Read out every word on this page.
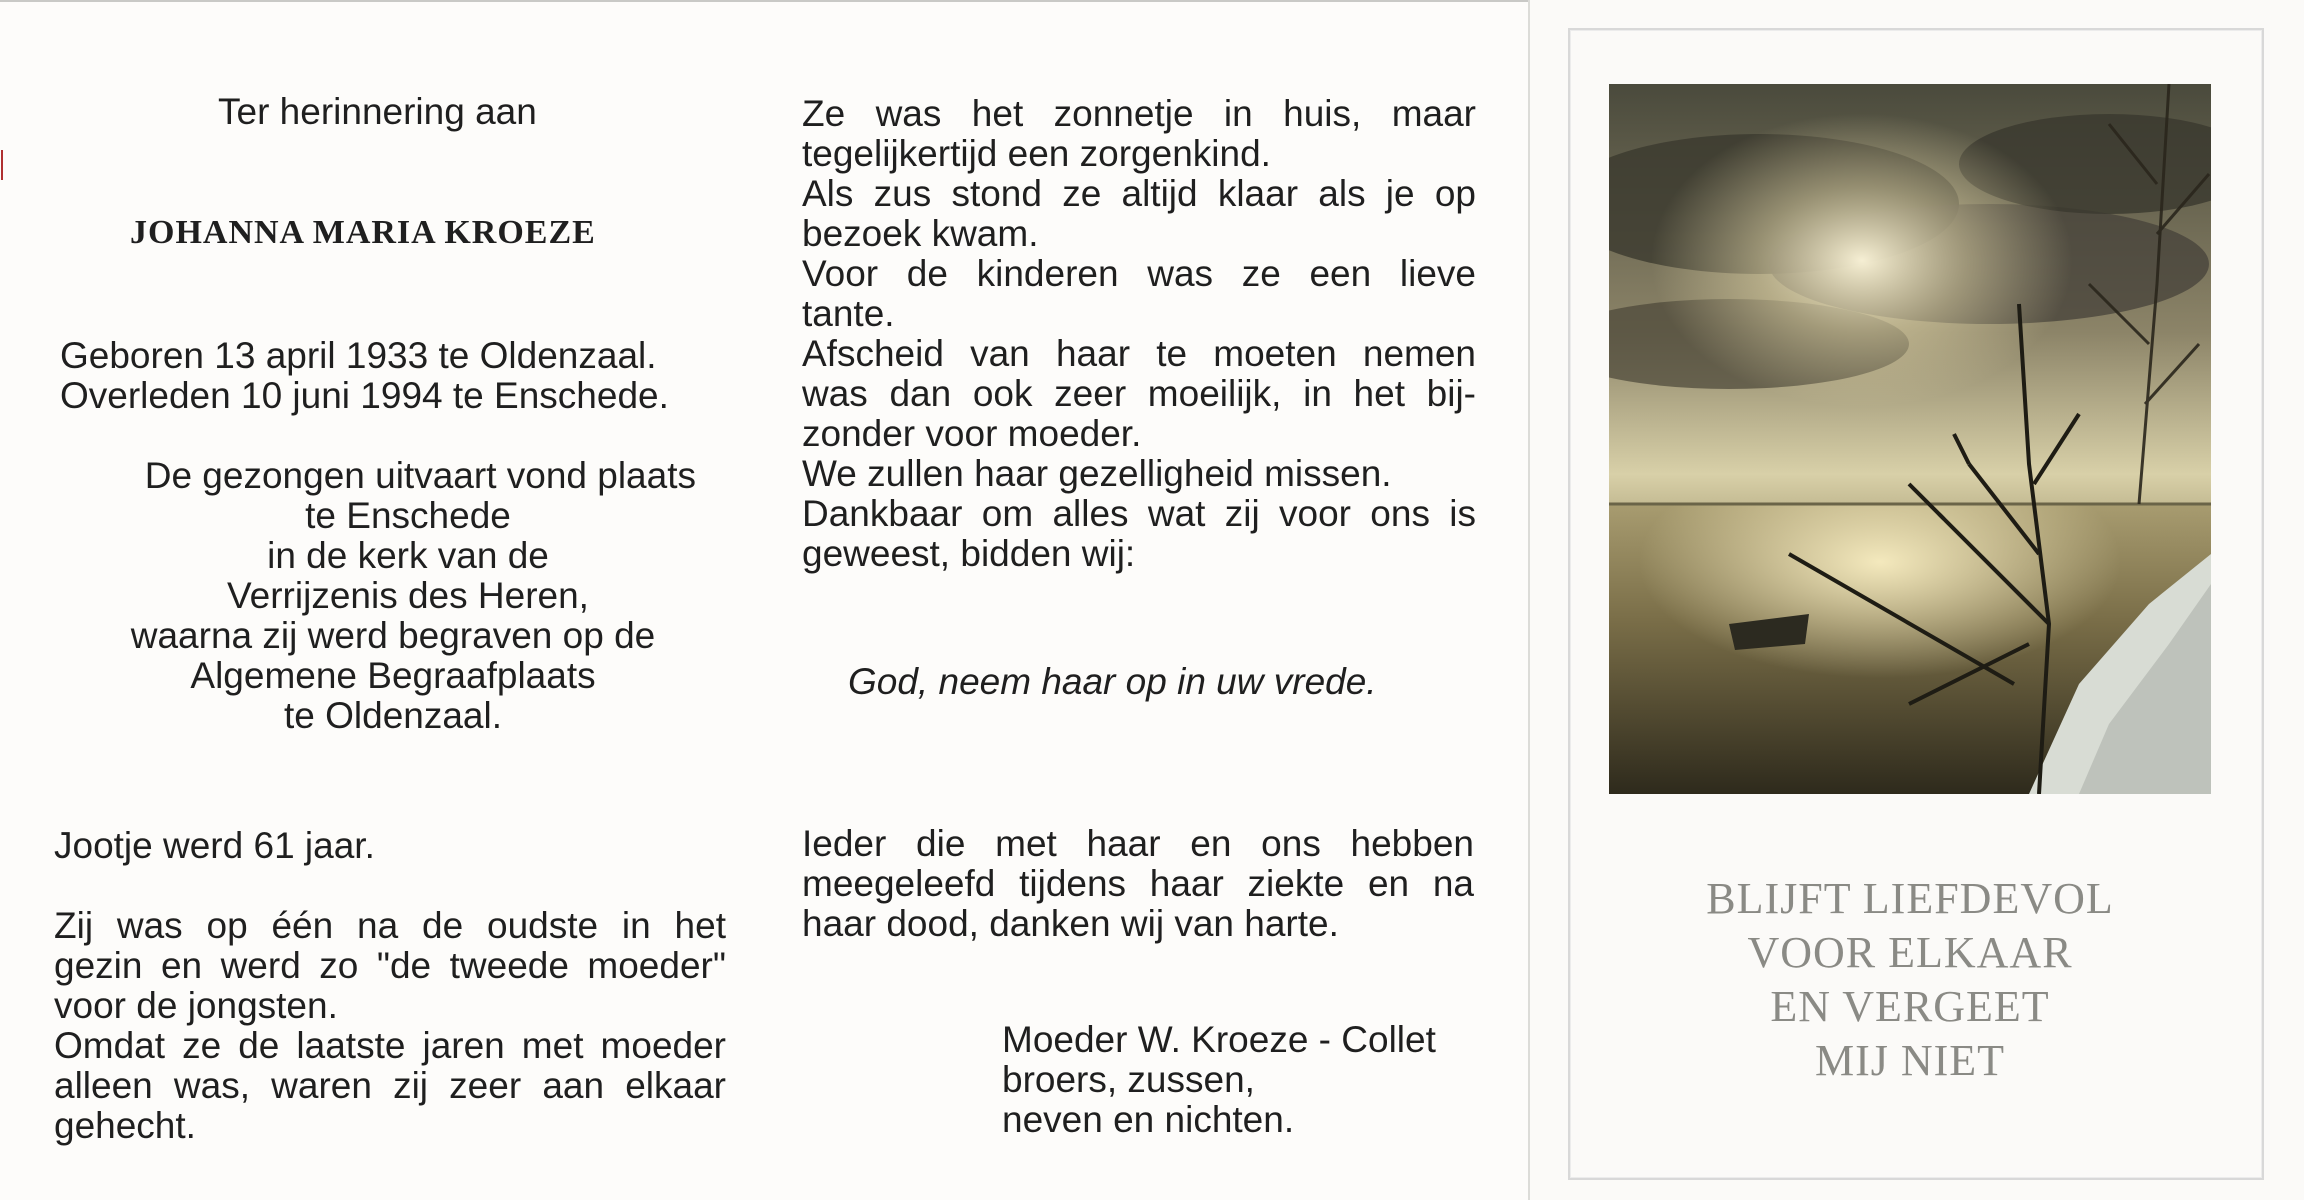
Ter herinnering aan
JOHANNA MARIA KROEZE
Geboren 13 april 1933 te Oldenzaal.
Overleden 10 juni 1994 te Enschede.
De gezongen uitvaart vond plaats
te Enschede
in de kerk van de
Verrijzenis des Heren,
waarna zij werd begraven op de
Algemene Begraafplaats
te Oldenzaal.
Jootje werd 61 jaar.
Zij was op één na de oudste in het
gezin en werd zo "de tweede moeder"
voor de jongsten.
Omdat ze de laatste jaren met moeder
alleen was, waren zij zeer aan elkaar
gehecht.
Ze was het zonnetje in huis, maar
tegelijkertijd een zorgenkind.
Als zus stond ze altijd klaar als je op
bezoek kwam.
Voor de kinderen was ze een lieve
tante.
Afscheid van haar te moeten nemen
was dan ook zeer moeilijk, in het bij-
zonder voor moeder.
We zullen haar gezelligheid missen.
Dankbaar om alles wat zij voor ons is
geweest, bidden wij:
God, neem haar op in uw vrede.
Ieder die met haar en ons hebben
meegeleefd tijdens haar ziekte en na
haar dood, danken wij van harte.
Moeder W. Kroeze - Collet
broers, zussen,
neven en nichten.
BLIJFT LIEFDEVOL
VOOR ELKAAR
EN VERGEET
MIJ NIET
